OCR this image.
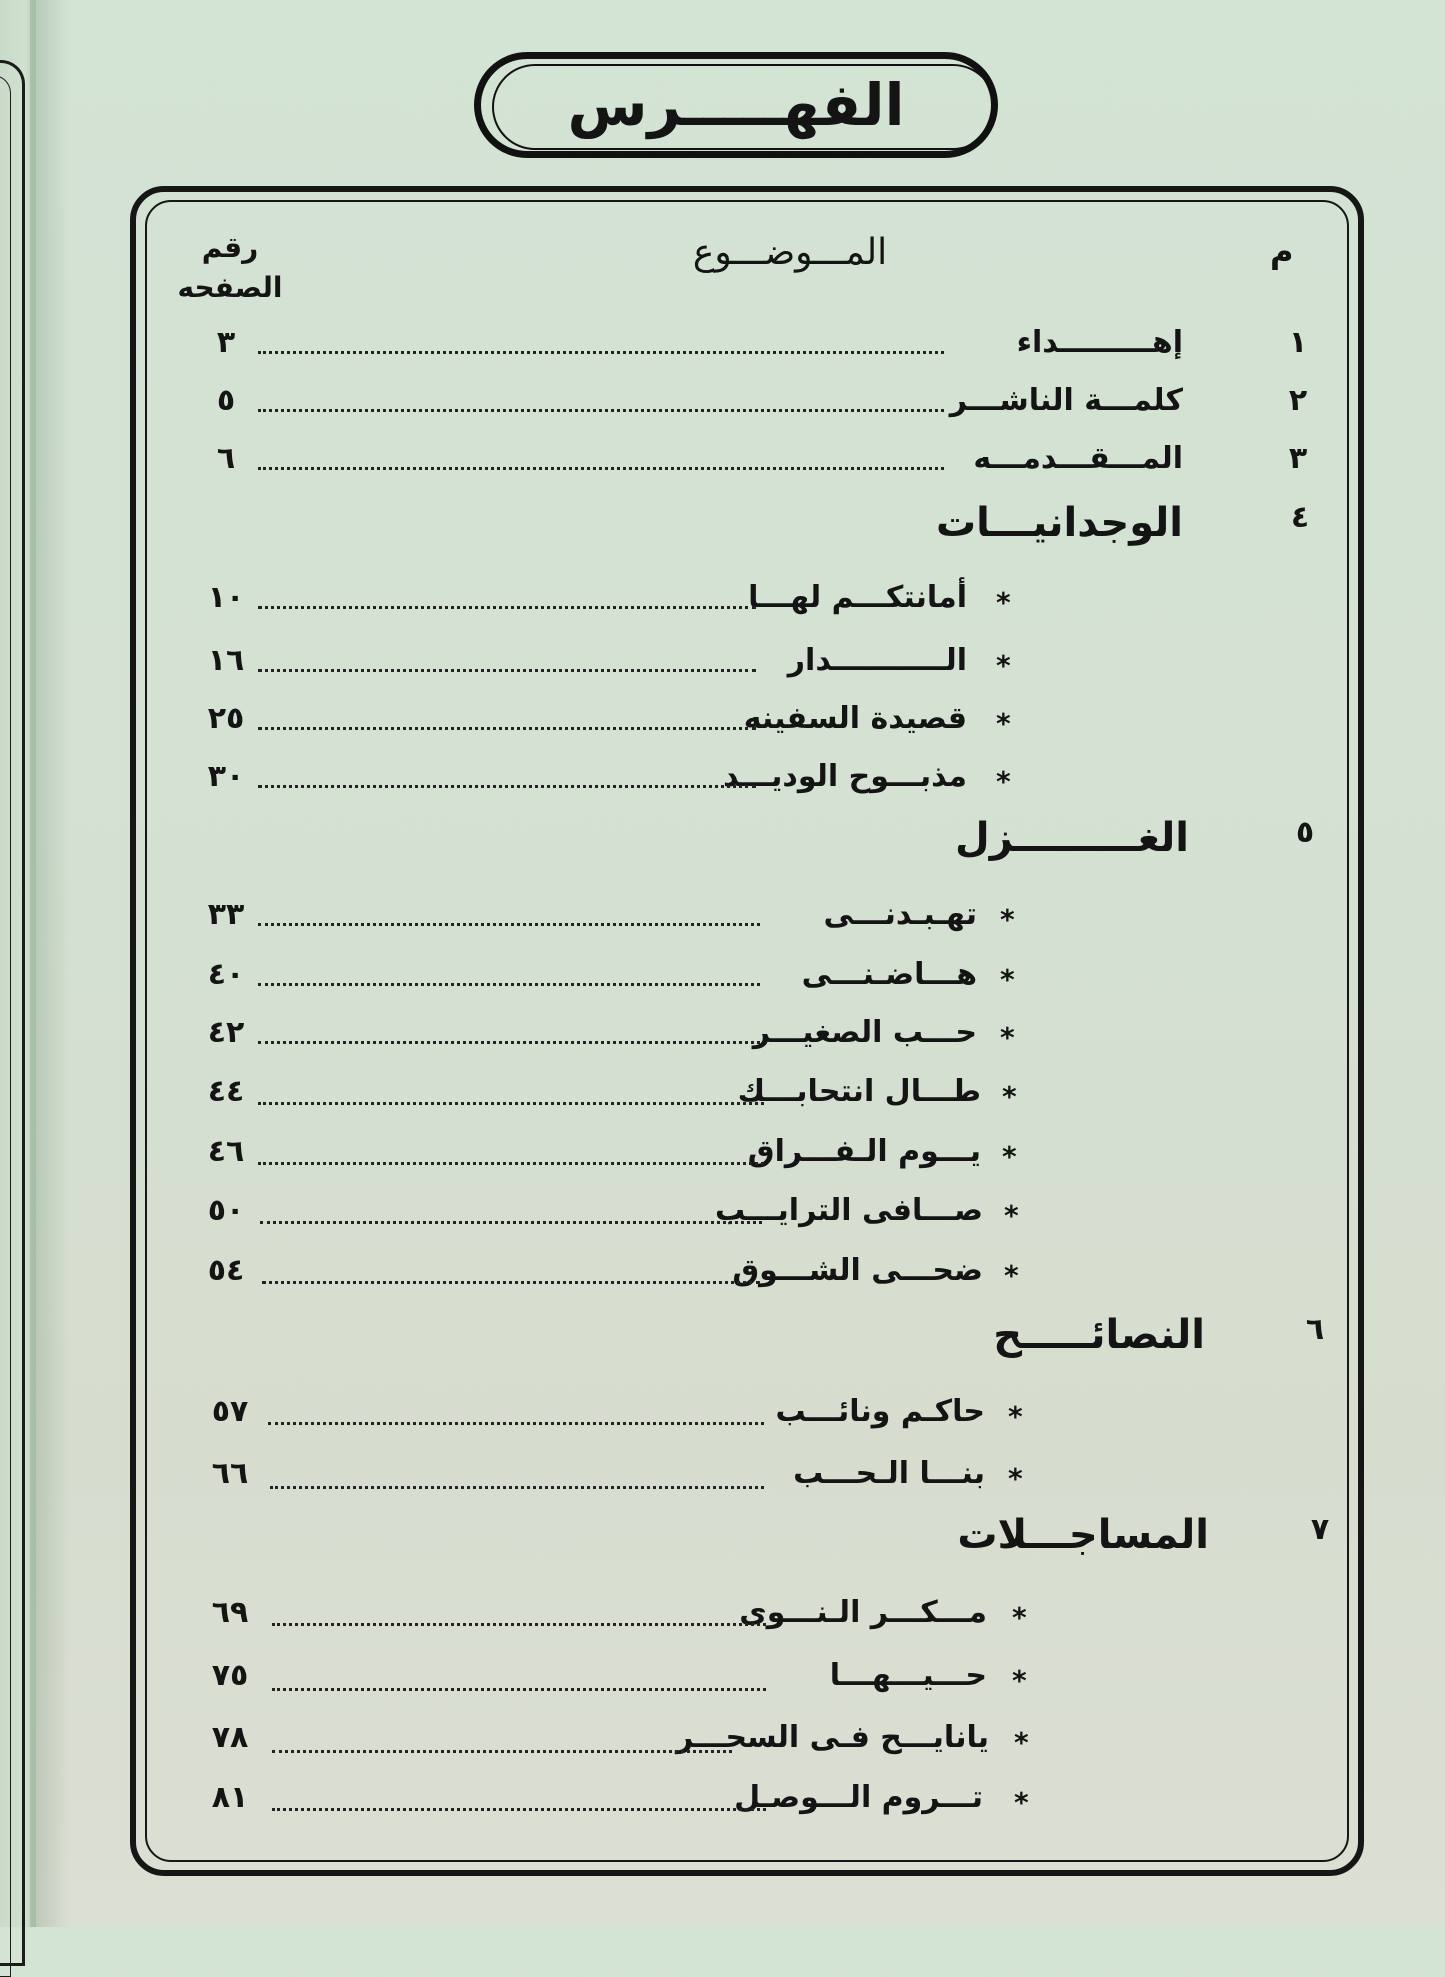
الفهـــــرس
م
المـــوضـــوع
رقم
الصفحه
١
إهـــــــــداء
٣
٢
كلمـــة الناشـــر
٥
٣
المـــقـــدمـــه
٦
٤
الوجدانيـــات
*
أمانتكـــم لهـــا
١٠
*
الـــــــــــدار
١٦
*
قصيدة السفينه
٢٥
*
مذبـــوح الوديـــد
٣٠
٥
الغـــــــــزل
*
تهـبـدنـــى
٣٣
*
هـــاضـنـــى
٤٠
*
حـــب الصغيـــر
٤٢
*
طـــال انتحابـــك
٤٤
*
يـــوم الـفـــراق
٤٦
*
صـــافى الترايـــب
٥٠
*
ضحـــى الشـــوق
٥٤
٦
النصائـــــح
*
حاكـم ونائـــب
٥٧
*
بنـــا الـحـــب
٦٦
٧
المساجـــلات
*
مـــكـــر الـنـــوى
٦٩
*
حـــيـــهـــا
٧٥
*
يانايـــح فـى السحـــر
٧٨
*
تـــروم الـــوصـل
٨١
